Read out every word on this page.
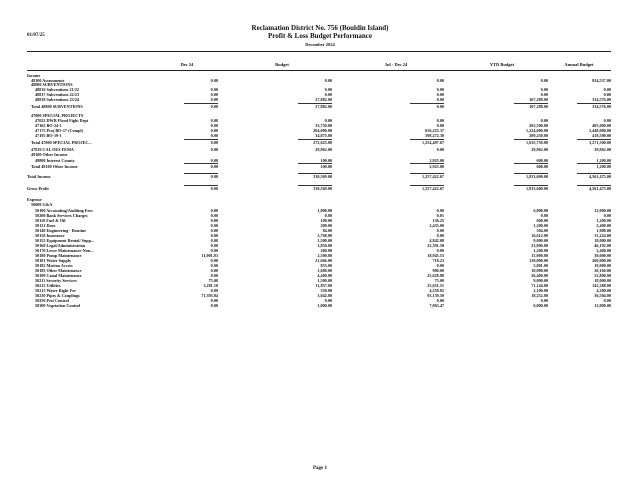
01/07/25
Reclamation District No. 756 (Bouldin Island)
Profit & Loss Budget Performance
December 2024
Dec 24	Budget	Jul - Dec 24	YTD Budget	Annual Budget
Income
48100 Assessments	0.00	0.00	0.00	0.00	924,537.00
48800 SUBVENTIONS
48816 Subventions 21/22	0.00	0.00	0.00	0.00	0.00
48817 Subventions 22/23	0.00	0.00	0.00	0.00	0.00
48818 Subventions 23/24	0.00	27,882.00	0.00	167,288.00	334,576.00
Total 48800 SUBVENTIONS	0.00	27,882.00	0.00	167,288.00	334,576.00
47000 SPECIAL PROJECTS
47022 DWR Flood Fight Dept	0.00	0.00	0.00	0.00	0.00
47165 BO-24-1	0.00	33,750.00	0.00	202,500.00	405,000.00
47175 Proj BO-17 (Compl)	0.00	204,000.00	656,225.37	1,224,000.00	2,448,000.00
47195 BO-19-1	0.00	34,875.00	598,272.30	209,250.00	418,500.00
Total 47000 SPECIAL PROJEC...	0.00	272,625.00	1,254,497.67	1,635,750.00	3,271,500.00
47819 CAL OES FEMA	0.00	29,962.00	0.00	29,962.00	29,962.00
49100 Other Income
49800 Interest County	0.00	100.00	2,925.00	600.00	1,200.00
Total 49100 Other Income	0.00	100.00	2,925.00	600.00	1,200.00
Total Income	0.00	330,569.00	1,257,422.67	1,833,600.00	4,561,475.00
Gross Profit	0.00	330,569.00	1,257,422.67	1,833,600.00	4,561,475.00
Expense
50000 G&A
50100 Accounting/Auditing Fees	0.00	1,000.00	0.00	6,000.00	12,000.00
50200 Bank Services Charges	0.00	0.00	0.01	0.00	0.00
50110 Fuel & Oil	0.00	100.00	136.25	600.00	1,200.00
50121 Dues	0.00	200.00	2,435.00	1,200.00	2,400.00
50140 Engineering - Routine	0.00	84.00	0.00	504.00	1,008.00
50150 Insurance	0.00	2,768.00	0.00	16,612.00	33,224.00
50155 Equipment Rental/ Supp...	0.00	1,500.00	4,842.08	9,000.00	18,000.00
50160 Legal/Administration	0.00	3,850.00	22,391.50	23,096.00	46,192.00
50170 Levee Maintenance-Non...	0.00	200.00	0.00	1,200.00	2,400.00
50180 Pump Maintenance	11,001.03	2,500.00	18,945.53	15,000.00	30,000.00
50181 Water Supply	0.00	21,666.00	718.23	130,000.00	260,000.00
50182 Marina Access	0.00	833.00	0.00	5,001.00	10,000.00
50185 Other Maintenance	0.00	1,680.00	980.00	10,080.00	20,160.00
50190 Canal Maintenance	0.00	4,400.00	25,628.88	26,400.00	52,800.00
50211 Security Services	75.00	1,500.00	75.00	9,000.00	18,000.00
50212 Utilities	3,281.10	11,857.00	25,651.51	71,144.00	142,288.00
50213 Water Right Fee	0.00	350.00	4,558.82	2,100.00	4,200.00
50230 Pipes & Couplings	71,393.04	3,042.00	93,139.50	18,252.00	36,504.00
50250 Pest Control	0.00	0.00	0.00	0.00	0.00
50300 Vegetation Control	0.00	1,000.00	7,063.47	6,000.00	12,000.00
Page 1
